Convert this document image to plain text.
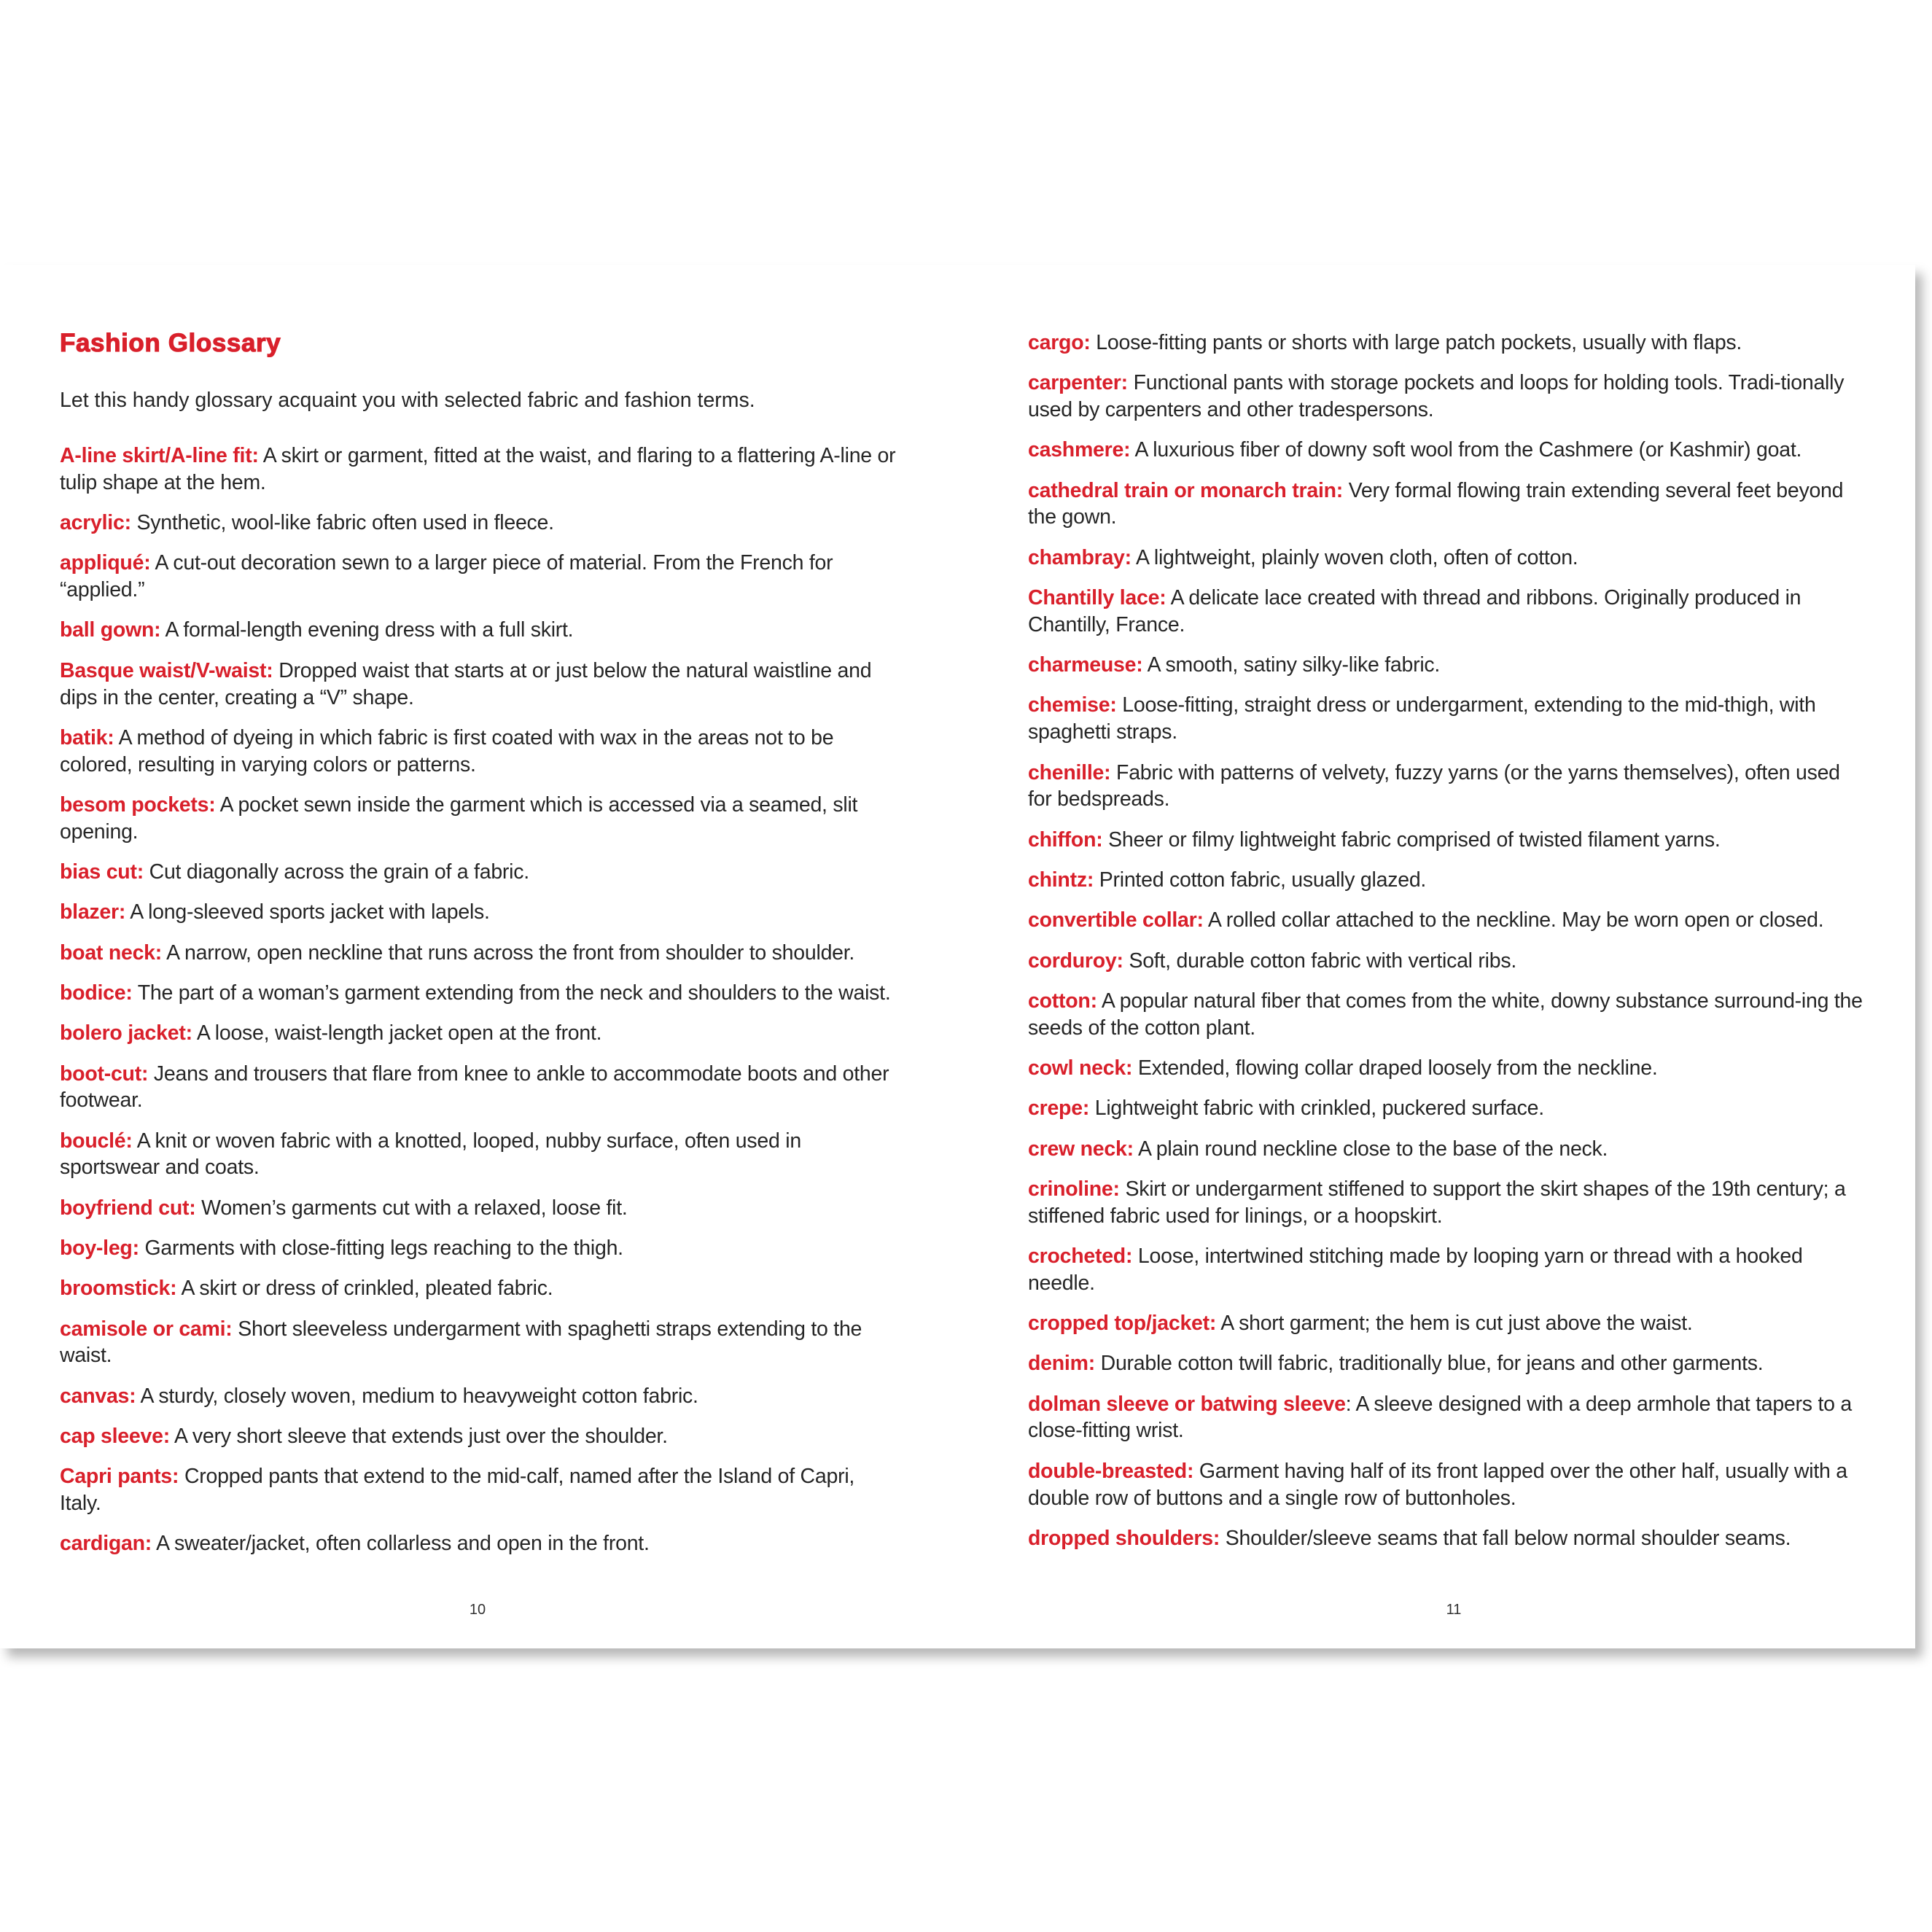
Fashion Glossary

Let this handy glossary acquaint you with selected fabric and fashion terms.

A-line skirt/A-line fit: A skirt or garment, fitted at the waist, and flaring to a flattering A-line or tulip shape at the hem.

acrylic: Synthetic, wool-like fabric often used in fleece.

appliqué: A cut-out decoration sewn to a larger piece of material. From the French for “applied.”

ball gown: A formal-length evening dress with a full skirt.

Basque waist/V-waist: Dropped waist that starts at or just below the natural waistline and dips in the center, creating a “V” shape.

batik: A method of dyeing in which fabric is first coated with wax in the areas not to be colored, resulting in varying colors or patterns.

besom pockets: A pocket sewn inside the garment which is accessed via a seamed, slit opening.

bias cut: Cut diagonally across the grain of a fabric.

blazer: A long-sleeved sports jacket with lapels.

boat neck: A narrow, open neckline that runs across the front from shoulder to shoulder.

bodice: The part of a woman’s garment extending from the neck and shoulders to the waist.

bolero jacket: A loose, waist-length jacket open at the front.

boot-cut: Jeans and trousers that flare from knee to ankle to accommodate boots and other footwear.

bouclé: A knit or woven fabric with a knotted, looped, nubby surface, often used in sportswear and coats.

boyfriend cut: Women’s garments cut with a relaxed, loose fit.

boy-leg: Garments with close-fitting legs reaching to the thigh.

broomstick: A skirt or dress of crinkled, pleated fabric.

camisole or cami: Short sleeveless undergarment with spaghetti straps extending to the waist.

canvas: A sturdy, closely woven, medium to heavyweight cotton fabric.

cap sleeve: A very short sleeve that extends just over the shoulder.

Capri pants: Cropped pants that extend to the mid-calf, named after the Island of Capri, Italy.

cardigan: A sweater/jacket, often collarless and open in the front.

10

cargo: Loose-fitting pants or shorts with large patch pockets, usually with flaps.

carpenter: Functional pants with storage pockets and loops for holding tools. Tradi-tionally used by carpenters and other tradespersons.

cashmere: A luxurious fiber of downy soft wool from the Cashmere (or Kashmir) goat.

cathedral train or monarch train: Very formal flowing train extending several feet beyond the gown.

chambray: A lightweight, plainly woven cloth, often of cotton.

Chantilly lace: A delicate lace created with thread and ribbons. Originally produced in Chantilly, France.

charmeuse: A smooth, satiny silky-like fabric.

chemise: Loose-fitting, straight dress or undergarment, extending to the mid-thigh, with spaghetti straps.

chenille: Fabric with patterns of velvety, fuzzy yarns (or the yarns themselves), often used for bedspreads.

chiffon: Sheer or filmy lightweight fabric comprised of twisted filament yarns.

chintz: Printed cotton fabric, usually glazed.

convertible collar: A rolled collar attached to the neckline. May be worn open or closed.

corduroy: Soft, durable cotton fabric with vertical ribs.

cotton: A popular natural fiber that comes from the white, downy substance surround-ing the seeds of the cotton plant.

cowl neck: Extended, flowing collar draped loosely from the neckline.

crepe: Lightweight fabric with crinkled, puckered surface.

crew neck: A plain round neckline close to the base of the neck.

crinoline: Skirt or undergarment stiffened to support the skirt shapes of the 19th century; a stiffened fabric used for linings, or a hoopskirt.

crocheted: Loose, intertwined stitching made by looping yarn or thread with a hooked needle.

cropped top/jacket: A short garment; the hem is cut just above the waist.

denim: Durable cotton twill fabric, traditionally blue, for jeans and other garments.

dolman sleeve or batwing sleeve: A sleeve designed with a deep armhole that tapers to a close-fitting wrist.

double-breasted: Garment having half of its front lapped over the other half, usually with a double row of buttons and a single row of buttonholes.

dropped shoulders: Shoulder/sleeve seams that fall below normal shoulder seams.

11
